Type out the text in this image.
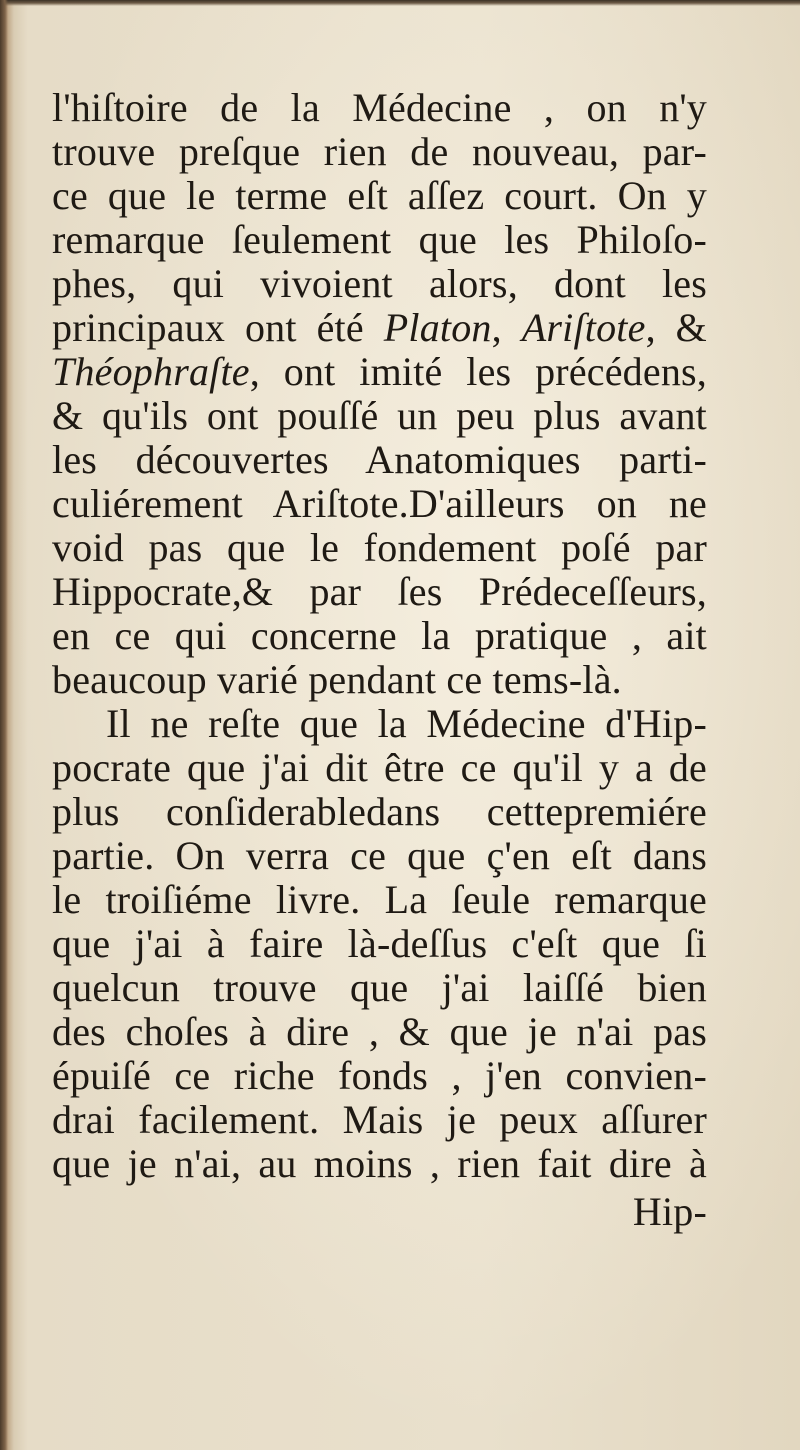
l'hiſtoire de la Médecine , on n'y
trouve preſque rien de nouveau, par-
ce que le terme eſt aſſez court. On y
remarque ſeulement que les Philoſo-
phes, qui vivoient alors, dont les
principaux ont été Platon, Ariſtote, &
Théophraſte, ont imité les précédens,
& qu'ils ont pouſſé un peu plus avant
les découvertes Anatomiques parti-
culiérement Ariſtote.D'ailleurs on ne
void pas que le fondement poſé par
Hippocrate,& par ſes Prédeceſſeurs,
en ce qui concerne la pratique , ait
beaucoup varié pendant ce tems-là.
Il ne reſte que la Médecine d'Hip-
pocrate que j'ai dit être ce qu'il y a de
plus conſiderabledans cettepremiére
partie. On verra ce que ç'en eſt dans
le troiſiéme livre. La ſeule remarque
que j'ai à faire là-deſſus c'eſt que ſi
quelcun trouve que j'ai laiſſé bien
des choſes à dire , & que je n'ai pas
épuiſé ce riche fonds , j'en convien-
drai facilement. Mais je peux aſſurer
que je n'ai, au moins , rien fait dire à
Hip-
